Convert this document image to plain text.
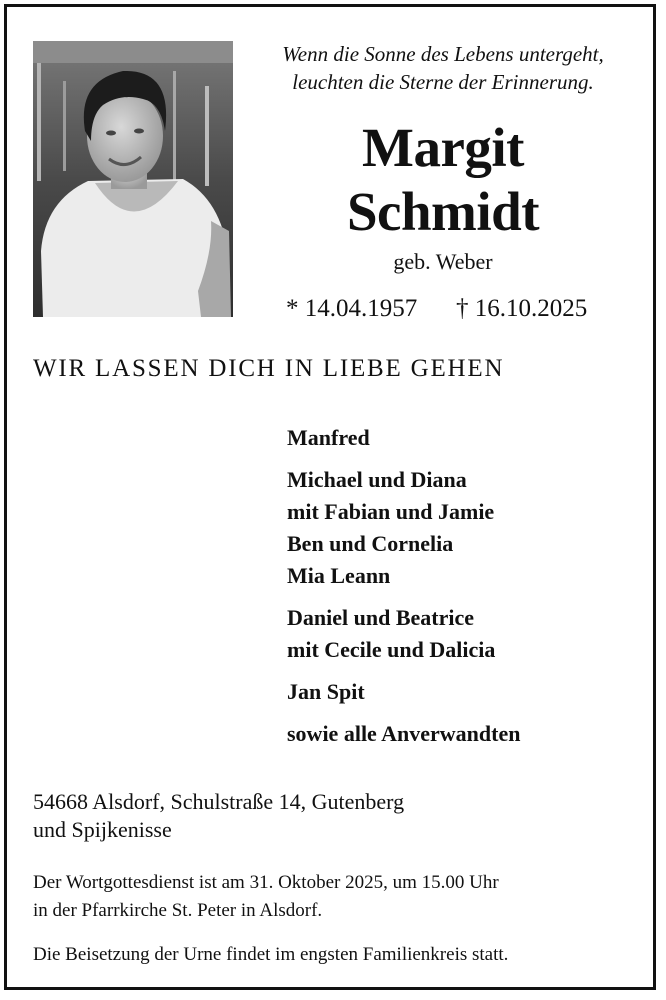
Wenn die Sonne des Lebens untergeht,
leuchten die Sterne der Erinnerung.
Margit
Schmidt
geb. Weber
* 14.04.1957 † 16.10.2025
WIR LASSEN DICH IN LIEBE GEHEN
Manfred
Michael und Diana
mit Fabian und Jamie
Ben und Cornelia
Mia Leann
Daniel und Beatrice
mit Cecile und Dalicia
Jan Spit
sowie alle Anverwandten
54668 Alsdorf, Schulstraße 14, Gutenberg
und Spijkenisse
Der Wortgottesdienst ist am 31. Oktober 2025, um 15.00 Uhr
in der Pfarrkirche St. Peter in Alsdorf.
Die Beisetzung der Urne findet im engsten Familienkreis statt.
